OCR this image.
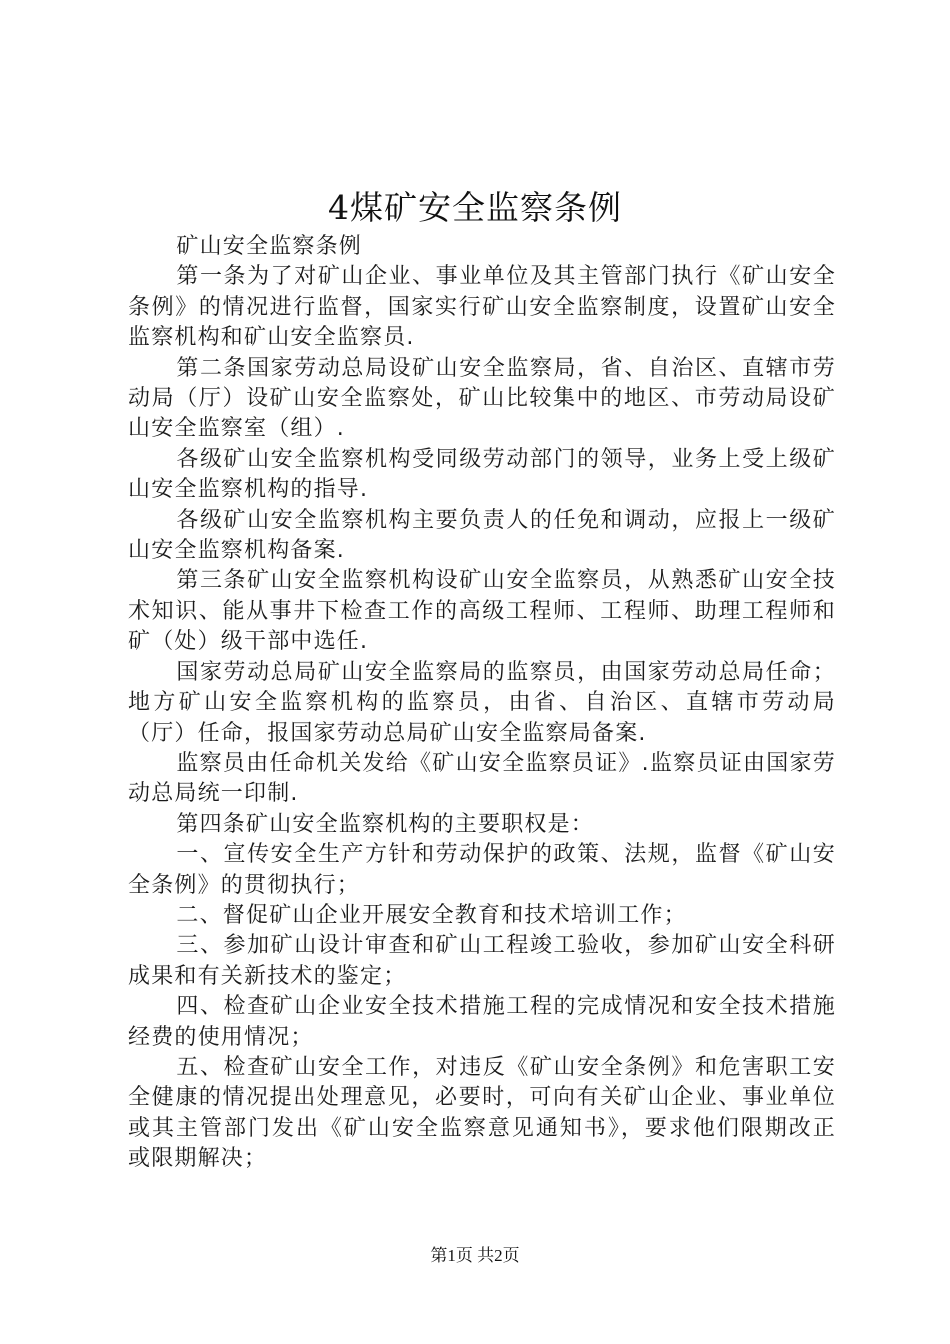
4煤矿安全监察条例

矿山安全监察条例

第一条为了对矿山企业、事业单位及其主管部门执行《矿山安全条例》的情况进行监督，国家实行矿山安全监察制度，设置矿山安全监察机构和矿山安全监察员.

第二条国家劳动总局设矿山安全监察局，省、自治区、直辖市劳动局（厅）设矿山安全监察处，矿山比较集中的地区、市劳动局设矿山安全监察室（组）.

各级矿山安全监察机构受同级劳动部门的领导，业务上受上级矿山安全监察机构的指导.

各级矿山安全监察机构主要负责人的任免和调动，应报上一级矿山安全监察机构备案.

第三条矿山安全监察机构设矿山安全监察员，从熟悉矿山安全技术知识、能从事井下检查工作的高级工程师、工程师、助理工程师和矿（处）级干部中选任.

国家劳动总局矿山安全监察局的监察员，由国家劳动总局任命；地方矿山安全监察机构的监察员，由省、自治区、直辖市劳动局（厅）任命，报国家劳动总局矿山安全监察局备案.

监察员由任命机关发给《矿山安全监察员证》.监察员证由国家劳动总局统一印制.

第四条矿山安全监察机构的主要职权是：

一、宣传安全生产方针和劳动保护的政策、法规，监督《矿山安全条例》的贯彻执行；

二、督促矿山企业开展安全教育和技术培训工作；

三、参加矿山设计审查和矿山工程竣工验收，参加矿山安全科研成果和有关新技术的鉴定；

四、检查矿山企业安全技术措施工程的完成情况和安全技术措施经费的使用情况；

五、检查矿山安全工作，对违反《矿山安全条例》和危害职工安全健康的情况提出处理意见，必要时，可向有关矿山企业、事业单位或其主管部门发出《矿山安全监察意见通知书》，要求他们限期改正或限期解决；

第1页 共2页
